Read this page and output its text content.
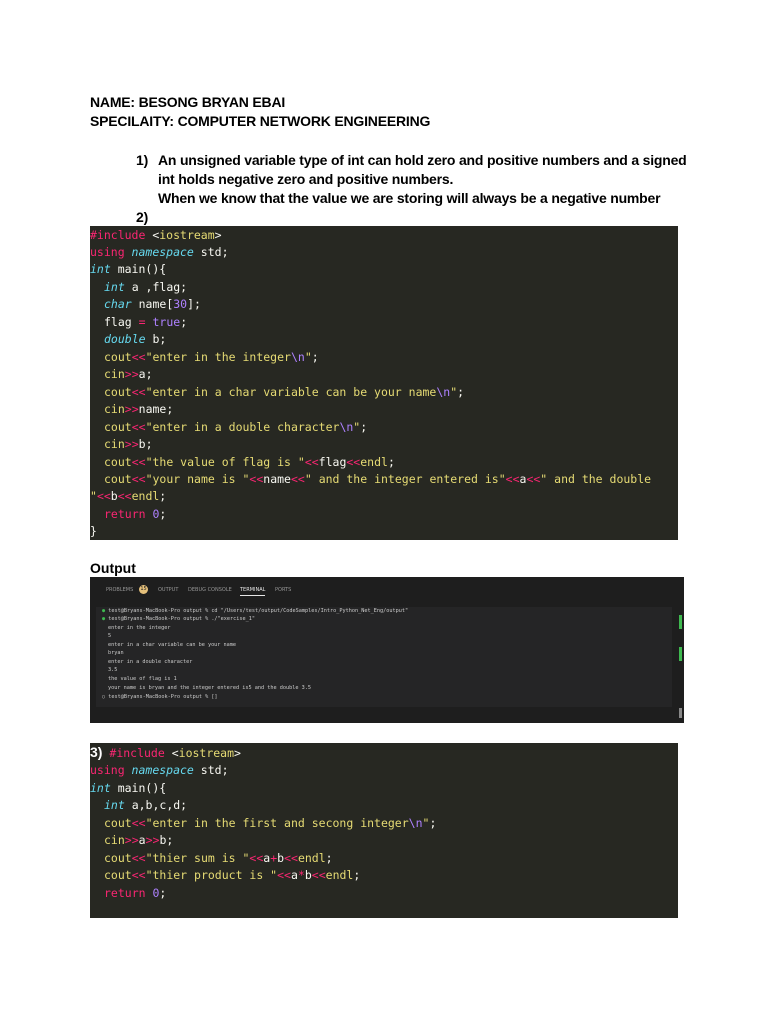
NAME: BESONG BRYAN EBAI
SPECILAITY: COMPUTER NETWORK ENGINEERING
1) An unsigned variable type of int can hold zero and positive numbers and a signed
int holds negative zero and positive numbers.
When we know that the value we are storing will always be a negative number
2)
#include <iostream>
using namespace std;
int main(){
int a ,flag;
char name[30];
flag = true;
double b;
cout<<"enter in the integer\n";
cin>>a;
cout<<"enter in a char variable can be your name\n";
cin>>name;
cout<<"enter in a double character\n";
cin>>b;
cout<<"the value of flag is "<<flag<<endl;
cout<<"your name is "<<name<<" and the integer entered is"<<a<<" and the double
"<<b<<endl;
return 0;
}
Output
PROBLEMS 15 OUTPUT DEBUG CONSOLE TERMINAL PORTS
● test@Bryans-MacBook-Pro output % cd "/Users/test/output/CodeSamples/Intro_Python_Net_Eng/output"
● test@Bryans-MacBook-Pro output % ./"exercise_1"
enter in the integer
5
enter in a char variable can be your name
bryan
enter in a double character
3.5
the value of flag is 1
your name is bryan and the integer entered is5 and the double 3.5
○ test@Bryans-MacBook-Pro output % []
3) #include <iostream>
using namespace std;
int main(){
int a,b,c,d;
cout<<"enter in the first and secong integer\n";
cin>>a>>b;
cout<<"thier sum is "<<a+b<<endl;
cout<<"thier product is "<<a*b<<endl;
return 0;
